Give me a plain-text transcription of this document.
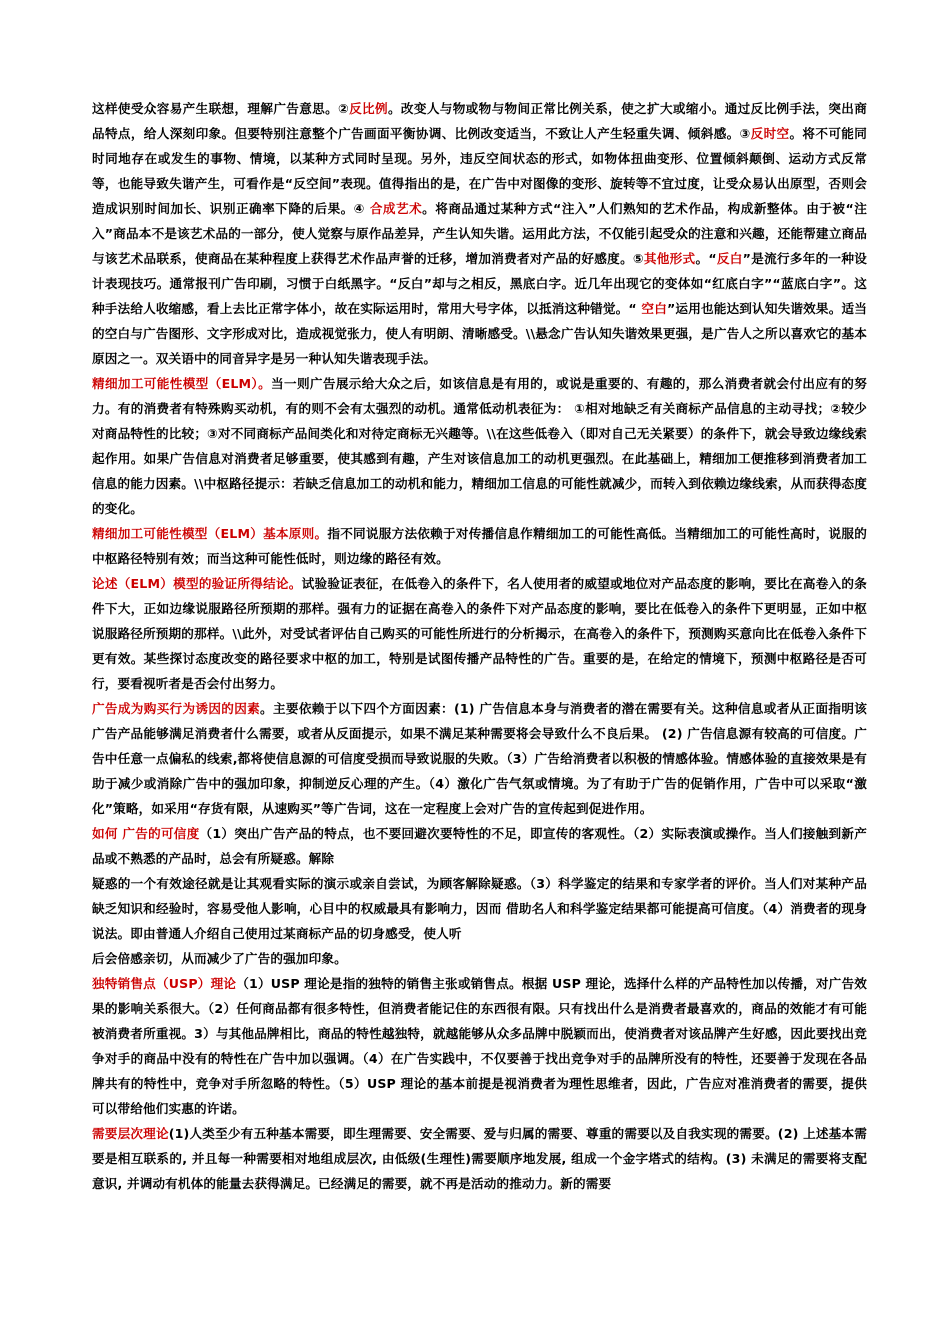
这样使受众容易产生联想，理解广告意思。②反比例。改变人与物或物与物间正常比例关系，使之扩大或缩小。通过反比例手法，突出商品特点，给人深刻印象。但要特别注意整个广告画面平衡协调、比例改变适当，不致让人产生轻重失调、倾斜感。③反时空。将不可能同时同地存在或发生的事物、情境，以某种方式同时呈现。另外，违反空间状态的形式，如物体扭曲变形、位置倾斜颠倒、运动方式反常等，也能导致失谐产生，可看作是“反空间”表现。值得指出的是，在广告中对图像的变形、旋转等不宜过度，让受众易认出原型，否则会造成识别时间加长、识别正确率下降的后果。④ 合成艺术。将商品通过某种方式“注入”人们熟知的艺术作品，构成新整体。由于被“注入”商品本不是该艺术品的一部分，使人觉察与原作品差异，产生认知失谐。运用此方法，不仅能引起受众的注意和兴趣，还能帮建立商品与该艺术品联系，使商品在某种程度上获得艺术作品声誉的迁移，增加消费者对产品的好感度。⑤其他形式。“反白”是流行多年的一种设计表现技巧。通常报刊广告印刷，习惯于白纸黑字。“反白”却与之相反，黑底白字。近几年出现它的变体如“红底白字”“蓝底白字”。这种手法给人收缩感，看上去比正常字体小，故在实际运用时，常用大号字体，以抵消这种错觉。“ 空白”运用也能达到认知失谐效果。适当的空白与广告图形、文字形成对比，造成视觉张力，使人有明朗、清晰感受。\\悬念广告认知失谐效果更强，是广告人之所以喜欢它的基本原因之一。双关语中的同音异字是另一种认知失谐表现手法。

精细加工可能性模型（ELM）。当一则广告展示给大众之后，如该信息是有用的，或说是重要的、有趣的，那么消费者就会付出应有的努力。有的消费者有特殊购买动机，有的则不会有太强烈的动机。通常低动机表征为： ①相对地缺乏有关商标产品信息的主动寻找；②较少对商品特性的比较；③对不同商标产品间类化和对待定商标无兴趣等。\\在这些低卷入（即对自己无关紧要）的条件下，就会导致边缘线索起作用。如果广告信息对消费者足够重要，使其感到有趣，产生对该信息加工的动机更强烈。在此基础上，精细加工便推移到消费者加工信息的能力因素。\\中枢路径提示：若缺乏信息加工的动机和能力，精细加工信息的可能性就减少，而转入到依赖边缘线索，从而获得态度的变化。

精细加工可能性模型（ELM）基本原则。指不同说服方法依赖于对传播信息作精细加工的可能性高低。当精细加工的可能性高时，说服的中枢路径特别有效；而当这种可能性低时，则边缘的路径有效。

论述（ELM）模型的验证所得结论。试验验证表征，在低卷入的条件下，名人使用者的威望或地位对产品态度的影响，要比在高卷入的条件下大，正如边缘说服路径所预期的那样。强有力的证据在高卷入的条件下对产品态度的影响，要比在低卷入的条件下更明显，正如中枢说服路径所预期的那样。\\此外，对受试者评估自己购买的可能性所进行的分析揭示，在高卷入的条件下，预测购买意向比在低卷入条件下更有效。某些探讨态度改变的路径要求中枢的加工，特别是试图传播产品特性的广告。重要的是，在给定的情境下，预测中枢路径是否可行，要看视听者是否会付出努力。

广告成为购买行为诱因的因素。主要依赖于以下四个方面因素：(1) 广告信息本身与消费者的潜在需要有关。这种信息或者从正面指明该广告产品能够满足消费者什么需要，或者从反面提示，如果不满足某种需要将会导致什么不良后果。 (2) 广告信息源有较高的可信度。广告中任意一点偏私的线索,都将使信息源的可信度受损而导致说服的失败。（3）广告给消费者以积极的情感体验。情感体验的直接效果是有助于减少或消除广告中的强加印象，抑制逆反心理的产生。（4）激化广告气氛或情境。为了有助于广告的促销作用，广告中可以采取“激化”策略，如采用“存货有限，从速购买”等广告词，这在一定程度上会对广告的宣传起到促进作用。

如何 广告的可信度（1）突出广告产品的特点，也不要回避次要特性的不足，即宣传的客观性。（2）实际表演或操作。当人们接触到新产品或不熟悉的产品时，总会有所疑惑。解除
疑惑的一个有效途径就是让其观看实际的演示或亲自尝试，为顾客解除疑惑。（3）科学鉴定的结果和专家学者的评价。当人们对某种产品缺乏知识和经验时，容易受他人影响，心目中的权威最具有影响力，因而 借助名人和科学鉴定结果都可能提高可信度。（4）消费者的现身说法。即由普通人介绍自己使用过某商标产品的切身感受，使人听
后会倍感亲切，从而减少了广告的强加印象。

独特销售点（USP）理论（1）USP 理论是指的独特的销售主张或销售点。根据 USP 理论，选择什么样的产品特性加以传播，对广告效果的影响关系很大。（2）任何商品都有很多特性，但消费者能记住的东西很有限。只有找出什么是消费者最喜欢的，商品的效能才有可能被消费者所重视。3）与其他品牌相比，商品的特性越独特，就越能够从众多品牌中脱颖而出，使消费者对该品牌产生好感，因此要找出竞争对手的商品中没有的特性在广告中加以强调。（4）在广告实践中，不仅要善于找出竞争对手的品牌所没有的特性，还要善于发现在各品牌共有的特性中，竞争对手所忽略的特性。（5）USP 理论的基本前提是视消费者为理性思维者，因此，广告应对准消费者的需要，提供可以带给他们实惠的许诺。

需要层次理论(1)人类至少有五种基本需要，即生理需要、安全需要、爱与归属的需要、尊重的需要以及自我实现的需要。(2) 上述基本需要是相互联系的, 并且每一种需要相对地组成层次, 由低级(生理性)需要顺序地发展, 组成一个金字塔式的结构。(3) 未满足的需要将支配意识, 并调动有机体的能量去获得满足。已经满足的需要，就不再是活动的推动力。新的需要
